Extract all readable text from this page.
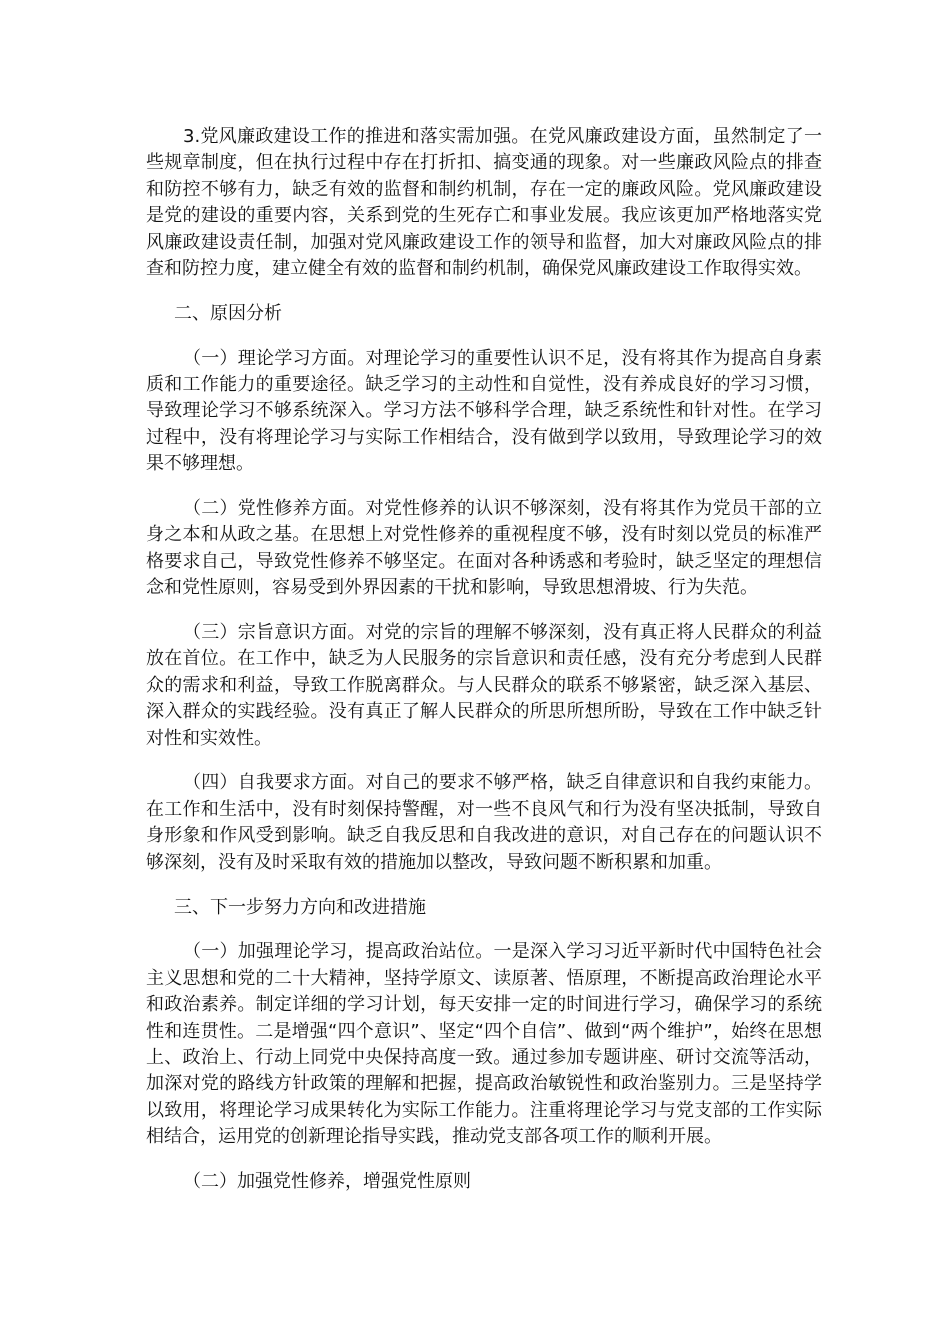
3.党风廉政建设工作的推进和落实需加强。在党风廉政建设方面，虽然制定了一些规章制度，但在执行过程中存在打折扣、搞变通的现象。对一些廉政风险点的排查和防控不够有力，缺乏有效的监督和制约机制，存在一定的廉政风险。党风廉政建设是党的建设的重要内容，关系到党的生死存亡和事业发展。我应该更加严格地落实党风廉政建设责任制，加强对党风廉政建设工作的领导和监督，加大对廉政风险点的排查和防控力度，建立健全有效的监督和制约机制，确保党风廉政建设工作取得实效。

二、原因分析

（一）理论学习方面。对理论学习的重要性认识不足，没有将其作为提高自身素质和工作能力的重要途径。缺乏学习的主动性和自觉性，没有养成良好的学习习惯，导致理论学习不够系统深入。学习方法不够科学合理，缺乏系统性和针对性。在学习过程中，没有将理论学习与实际工作相结合，没有做到学以致用，导致理论学习的效果不够理想。

（二）党性修养方面。对党性修养的认识不够深刻，没有将其作为党员干部的立身之本和从政之基。在思想上对党性修养的重视程度不够，没有时刻以党员的标准严格要求自己，导致党性修养不够坚定。在面对各种诱惑和考验时，缺乏坚定的理想信念和党性原则，容易受到外界因素的干扰和影响，导致思想滑坡、行为失范。

（三）宗旨意识方面。对党的宗旨的理解不够深刻，没有真正将人民群众的利益放在首位。在工作中，缺乏为人民服务的宗旨意识和责任感，没有充分考虑到人民群众的需求和利益，导致工作脱离群众。与人民群众的联系不够紧密，缺乏深入基层、深入群众的实践经验。没有真正了解人民群众的所思所想所盼，导致在工作中缺乏针对性和实效性。

（四）自我要求方面。对自己的要求不够严格，缺乏自律意识和自我约束能力。在工作和生活中，没有时刻保持警醒，对一些不良风气和行为没有坚决抵制，导致自身形象和作风受到影响。缺乏自我反思和自我改进的意识，对自己存在的问题认识不够深刻，没有及时采取有效的措施加以整改，导致问题不断积累和加重。

三、下一步努力方向和改进措施

（一）加强理论学习，提高政治站位。一是深入学习习近平新时代中国特色社会主义思想和党的二十大精神，坚持学原文、读原著、悟原理，不断提高政治理论水平和政治素养。制定详细的学习计划，每天安排一定的时间进行学习，确保学习的系统性和连贯性。二是增强“四个意识”、坚定“四个自信”、做到“两个维护”，始终在思想上、政治上、行动上同党中央保持高度一致。通过参加专题讲座、研讨交流等活动，加深对党的路线方针政策的理解和把握，提高政治敏锐性和政治鉴别力。三是坚持学以致用，将理论学习成果转化为实际工作能力。注重将理论学习与党支部的工作实际相结合，运用党的创新理论指导实践，推动党支部各项工作的顺利开展。

（二）加强党性修养，增强党性原则
